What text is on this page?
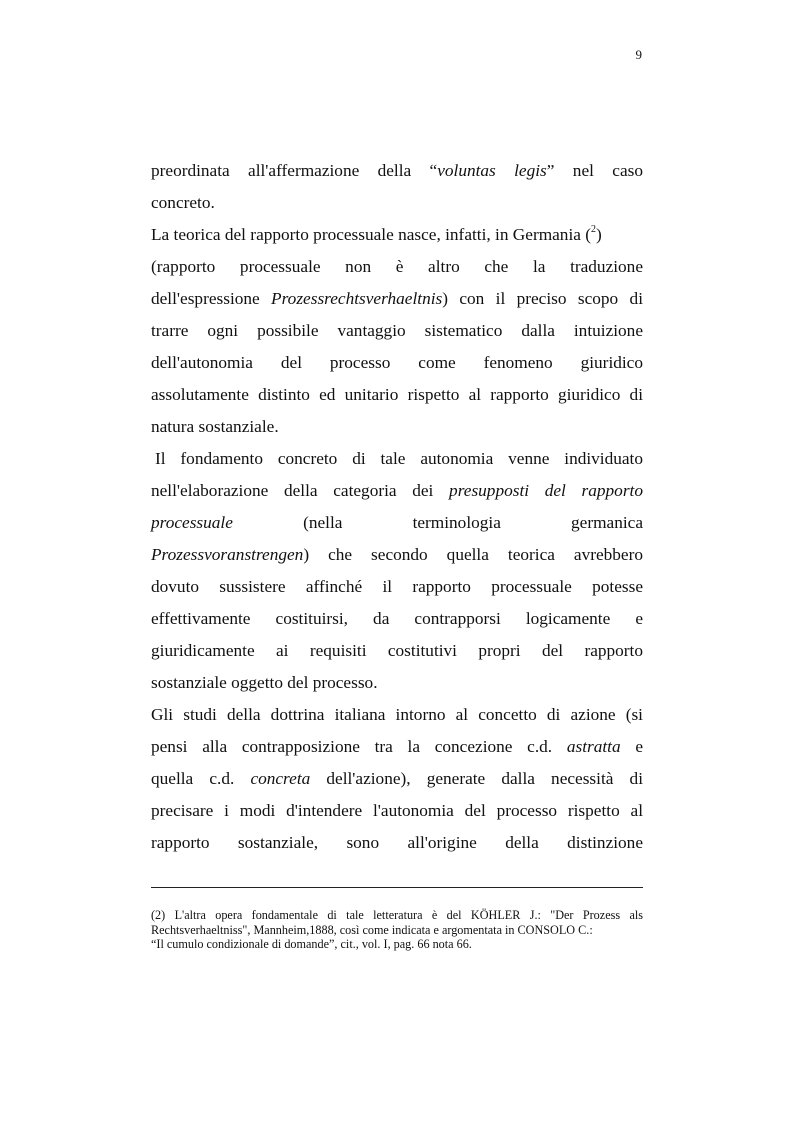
9
preordinata all'affermazione della “voluntas legis” nel caso
concreto.
La teorica del rapporto processuale nasce, infatti, in Germania ($^2$)
(rapporto processuale non è altro che la traduzione
dell'espressione Prozessrechtsverhaeltnis) con il preciso scopo di
trarre ogni possibile vantaggio sistematico dalla intuizione
dell'autonomia del processo come fenomeno giuridico
assolutamente distinto ed unitario rispetto al rapporto giuridico di
natura sostanziale.
Il fondamento concreto di tale autonomia venne individuato
nell'elaborazione della categoria dei presupposti del rapporto
processuale (nella terminologia germanica
Prozessvoranstrengen) che secondo quella teorica avrebbero
dovuto sussistere affinché il rapporto processuale potesse
effettivamente costituirsi, da contrapporsi logicamente e
giuridicamente ai requisiti costitutivi propri del rapporto
sostanziale oggetto del processo.
Gli studi della dottrina italiana intorno al concetto di azione (si
pensi alla contrapposizione tra la concezione c.d. astratta e
quella c.d. concreta dell'azione), generate dalla necessità di
precisare i modi d'intendere l'autonomia del processo rispetto al
rapporto sostanziale, sono all'origine della distinzione
(2) L'altra opera fondamentale di tale letteratura è del KÖHLER J.: "Der Prozess als
Rechtsverhaeltniss", Mannheim,1888, così come indicata e argomentata in CONSOLO C.:
“Il cumulo condizionale di domande”, cit., vol. I, pag. 66 nota 66.
